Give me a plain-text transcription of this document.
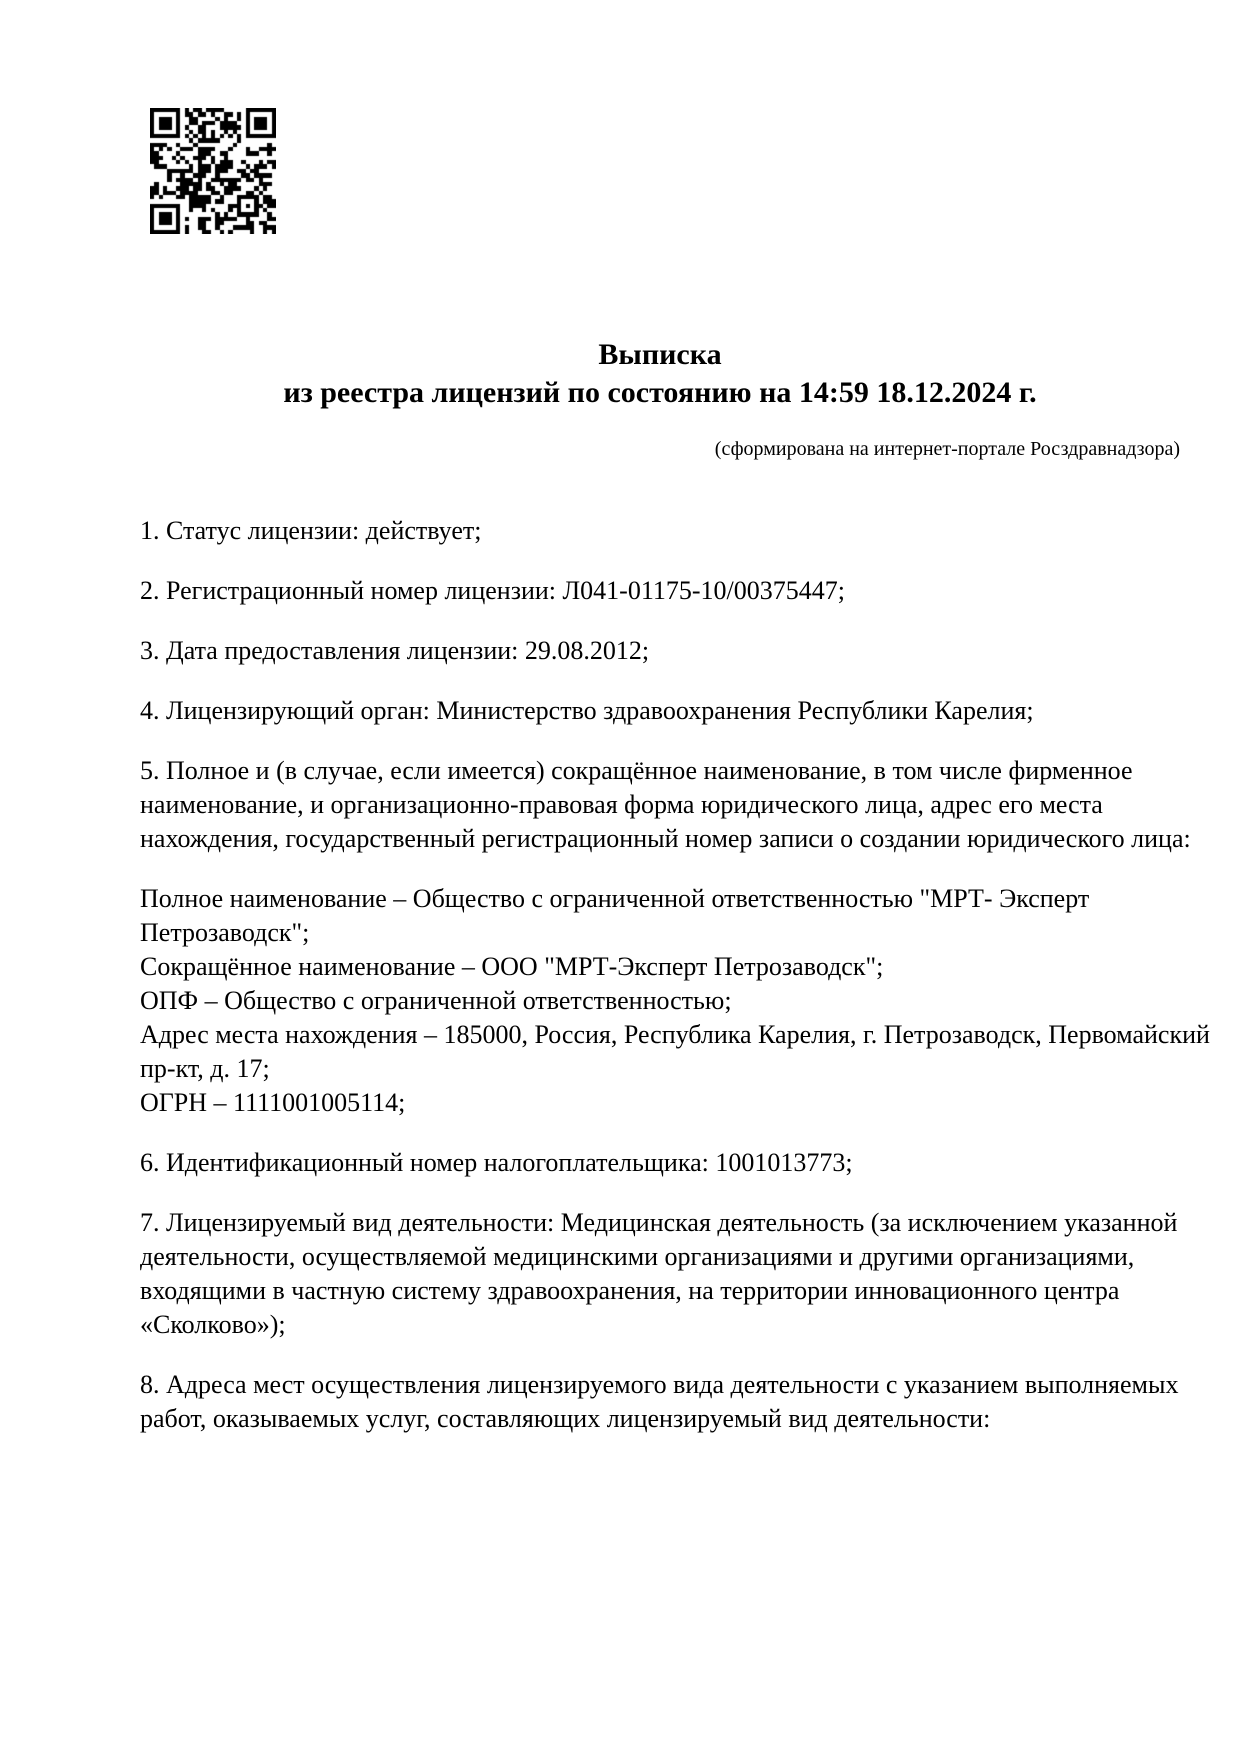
Выписка
из реестра лицензий по состоянию на 14:59 18.12.2024 г.
(сформирована на интернет-портале Росздравнадзора)
1. Статус лицензии: действует;
2. Регистрационный номер лицензии: Л041-01175-10/00375447;
3. Дата предоставления лицензии: 29.08.2012;
4. Лицензирующий орган: Министерство здравоохранения Республики Карелия;
5. Полное и (в случае, если имеется) сокращённое наименование, в том числе фирменное
наименование, и организационно-правовая форма юридического лица, адрес его места
нахождения, государственный регистрационный номер записи о создании юридического лица:
Полное наименование – Общество с ограниченной ответственностью "МРТ- Эксперт
Петрозаводск";
Сокращённое наименование – ООО "МРТ-Эксперт Петрозаводск";
ОПФ – Общество с ограниченной ответственностью;
Адрес места нахождения – 185000, Россия, Республика Карелия, г. Петрозаводск, Первомайский
пр-кт, д. 17;
ОГРН – 1111001005114;
6. Идентификационный номер налогоплательщика: 1001013773;
7. Лицензируемый вид деятельности: Медицинская деятельность (за исключением указанной
деятельности, осуществляемой медицинскими организациями и другими организациями,
входящими в частную систему здравоохранения, на территории инновационного центра
«Сколково»);
8. Адреса мест осуществления лицензируемого вида деятельности с указанием выполняемых
работ, оказываемых услуг, составляющих лицензируемый вид деятельности:
